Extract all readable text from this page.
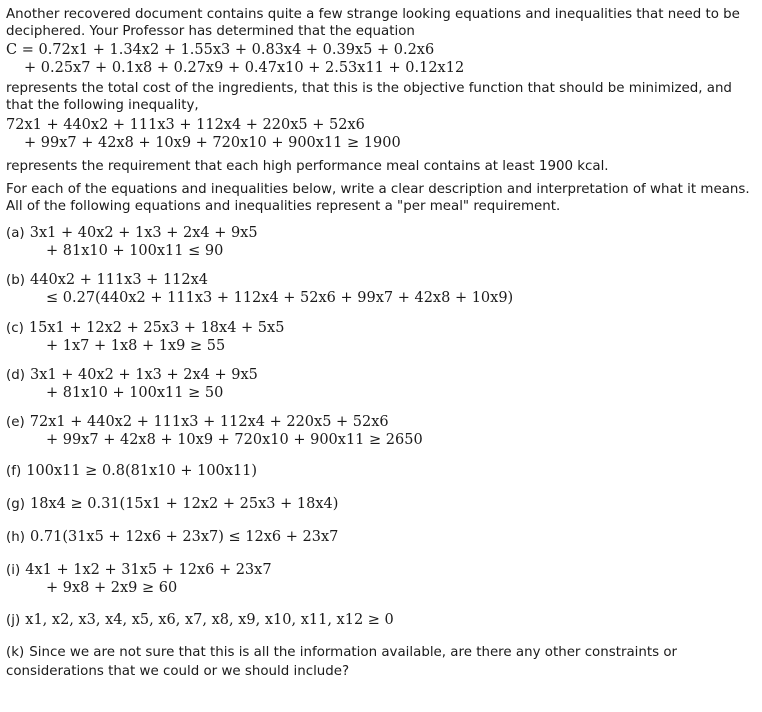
Another recovered document contains quite a few strange looking equations and inequalities that need to be deciphered. Your Professor has determined that the equation

C = 0.72x1 + 1.34x2 + 1.55x3 + 0.83x4 + 0.39x5 + 0.2x6
+ 0.25x7 + 0.1x8 + 0.27x9 + 0.47x10 + 2.53x11 + 0.12x12

represents the total cost of the ingredients, that this is the objective function that should be minimized, and that the following inequality,

72x1 + 440x2 + 111x3 + 112x4 + 220x5 + 52x6
+ 99x7 + 42x8 + 10x9 + 720x10 + 900x11 ≥ 1900

represents the requirement that each high performance meal contains at least 1900 kcal.

For each of the equations and inequalities below, write a clear description and interpretation of what it means. All of the following equations and inequalities represent a "per meal" requirement.

(a) 3x1 + 40x2 + 1x3 + 2x4 + 9x5
+ 81x10 + 100x11 ≤ 90
(b) 440x2 + 111x3 + 112x4
≤ 0.27(440x2 + 111x3 + 112x4 + 52x6 + 99x7 + 42x8 + 10x9)
(c) 15x1 + 12x2 + 25x3 + 18x4 + 5x5
+ 1x7 + 1x8 + 1x9 ≥ 55
(d) 3x1 + 40x2 + 1x3 + 2x4 + 9x5
+ 81x10 + 100x11 ≥ 50
(e) 72x1 + 440x2 + 111x3 + 112x4 + 220x5 + 52x6
+ 99x7 + 42x8 + 10x9 + 720x10 + 900x11 ≥ 2650
(f) 100x11 ≥ 0.8(81x10 + 100x11)
(g) 18x4 ≥ 0.31(15x1 + 12x2 + 25x3 + 18x4)
(h) 0.71(31x5 + 12x6 + 23x7) ≤ 12x6 + 23x7
(i) 4x1 + 1x2 + 31x5 + 12x6 + 23x7
+ 9x8 + 2x9 ≥ 60
(j) x1, x2, x3, x4, x5, x6, x7, x8, x9, x10, x11, x12 ≥ 0
(k) Since we are not sure that this is all the information available, are there any other constraints or considerations that we could or we should include?
